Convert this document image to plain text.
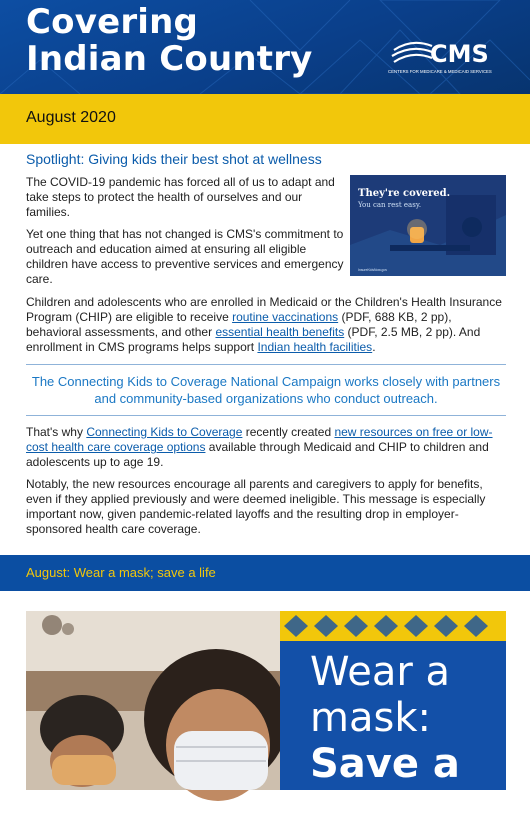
Covering
Indian Country	CMS
CENTERS FOR MEDICARE & MEDICAID SERVICES
August 2020
Spotlight: Giving kids their best shot at wellness
The COVID-19 pandemic has forced all of us to adapt and take steps to protect the health of ourselves and our families.
They're covered.
You can rest easy.
InsureKidsNow.gov
Yet one thing that has not changed is CMS's commitment to outreach and education aimed at ensuring all eligible children have access to preventive services and emergency care.
Children and adolescents who are enrolled in Medicaid or the Children's Health Insurance Program (CHIP) are eligible to receive routine vaccinations (PDF, 688 KB, 2 pp), behavioral assessments, and other essential health benefits (PDF, 2.5 MB, 2 pp). And enrollment in CMS programs helps support Indian health facilities.
The Connecting Kids to Coverage National Campaign works closely with partners and community-based organizations who conduct outreach.
That's why Connecting Kids to Coverage recently created new resources on free or low-cost health care coverage options available through Medicaid and CHIP to children and adolescents up to age 19.
Notably, the new resources encourage all parents and caregivers to apply for benefits, even if they applied previously and were deemed ineligible. This message is especially important now, given pandemic-related layoffs and the resulting drop in employer-sponsored health care coverage.
August: Wear a mask; save a life
Wear a
mask:
Save a life
